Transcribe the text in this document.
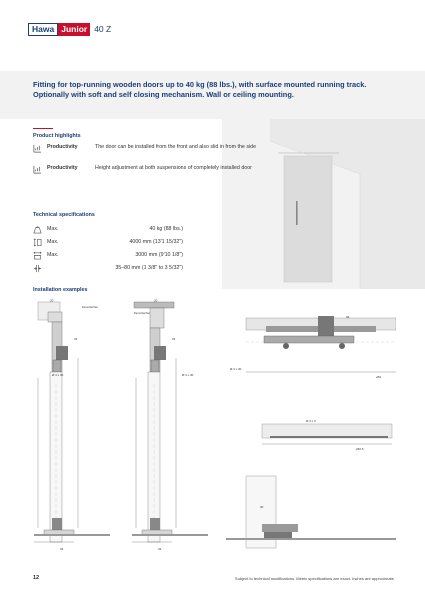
Hawa Junior 40 Z

Fitting for top-running wooden doors up to 40 kg (88 lbs.), with surface mounted running track. Optionally with soft and self closing mechanism. Wall or ceiling mounting.

Product highlights
Productivity	The door can be installed from the front and also slid in from the side
Productivity	Height adjustment at both suspensions of completely installed door
Technical specifications
Max.	40 kg (88 lbs.)
Max.	4000 mm (13'1 15/32")
Max.	3000 mm (9'10 1/8")
35–80 mm (1 3/8" to 3 5/32")
Installation examples
20
33
Ø 4 x 30
33
Demontierbar
20
33
Ø 4 x 30
33
Demontierbar
36
Ø 4 x 30
≥50
Ø 3 x 3
≥50.5
30
12	Subject to technical modifications. Metric specifications are exact. Inches are approximate.
